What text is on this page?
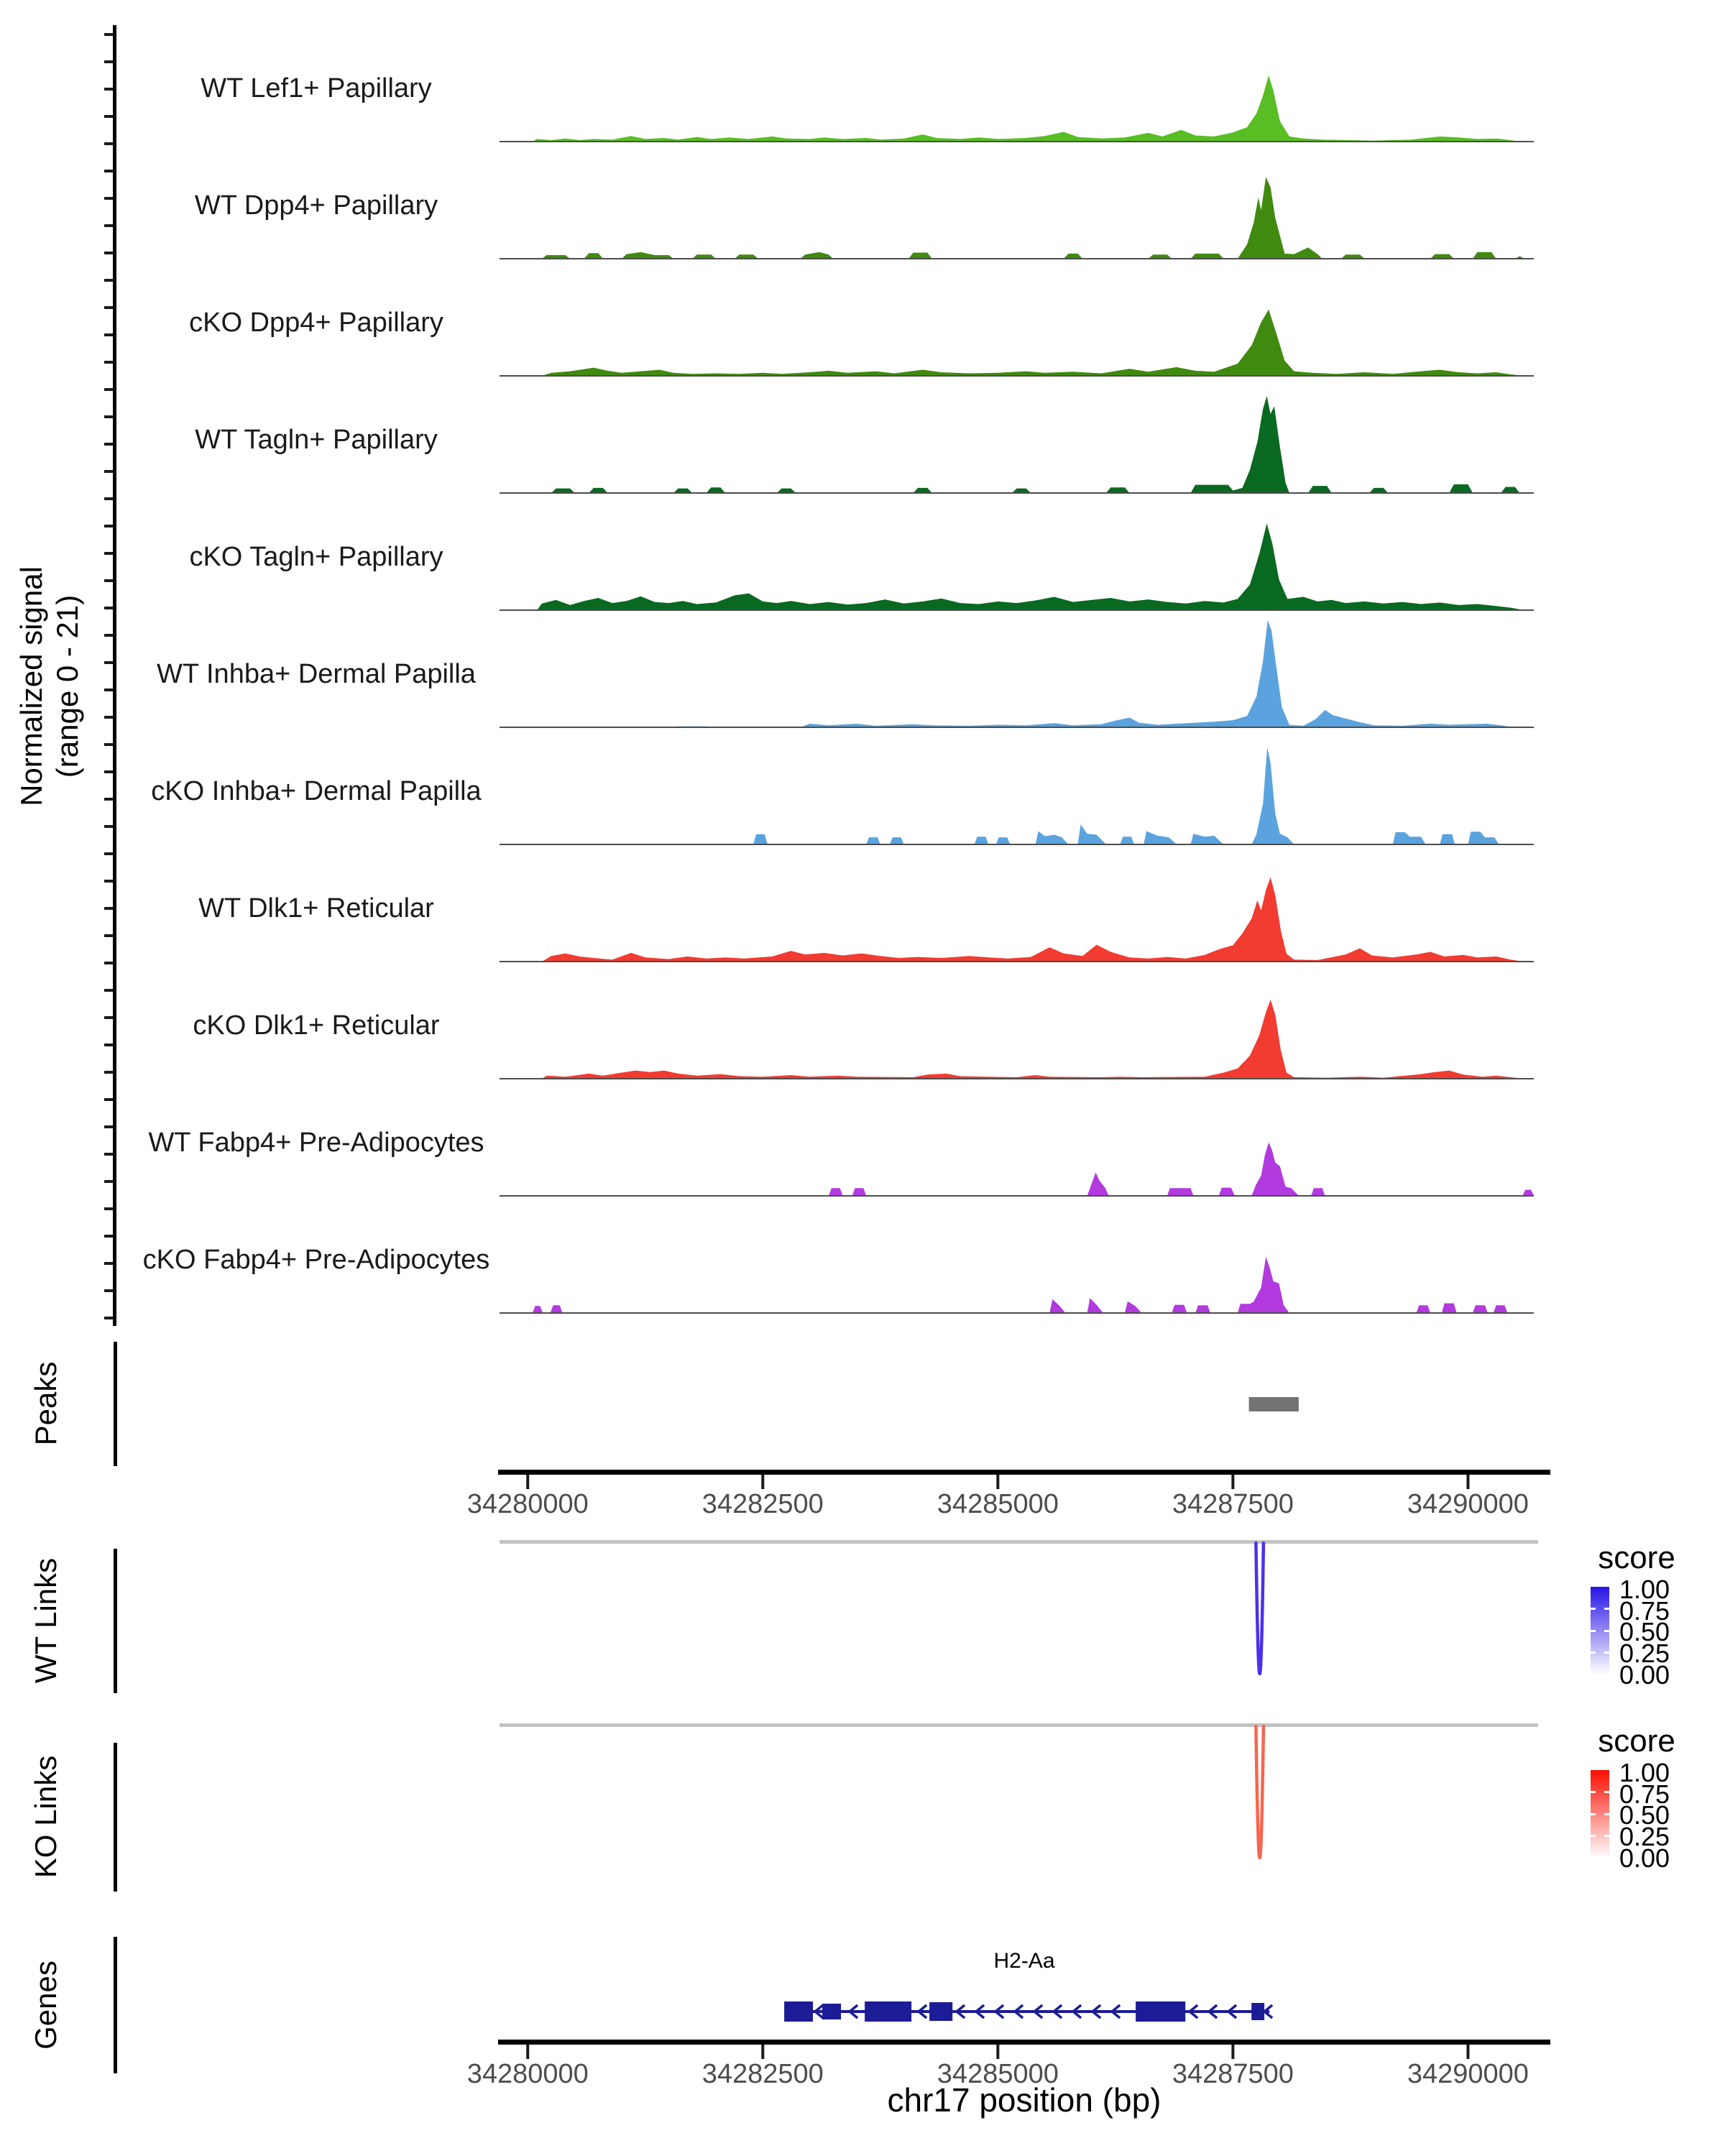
Normalized signal (range 0 - 21)
Peaks
WT Links
KO Links
Genes
WT Lef1+ Papillary
WT Dpp4+ Papillary
cKO Dpp4+ Papillary
WT Tagln+ Papillary
cKO Tagln+ Papillary
WT Inhba+ Dermal Papilla
cKO Inhba+ Dermal Papilla
WT Dlk1+ Reticular
cKO Dlk1+ Reticular
WT Fabp4+ Pre-Adipocytes
cKO Fabp4+ Pre-Adipocytes
34280000	34282500	34285000	34287500	34290000
34280000	34282500	34285000	34287500	34290000
score
1.00
0.75
0.50
0.25
0.00
score
1.00
0.75
0.50
0.25
0.00
H2-Aa
chr17 position (bp)
